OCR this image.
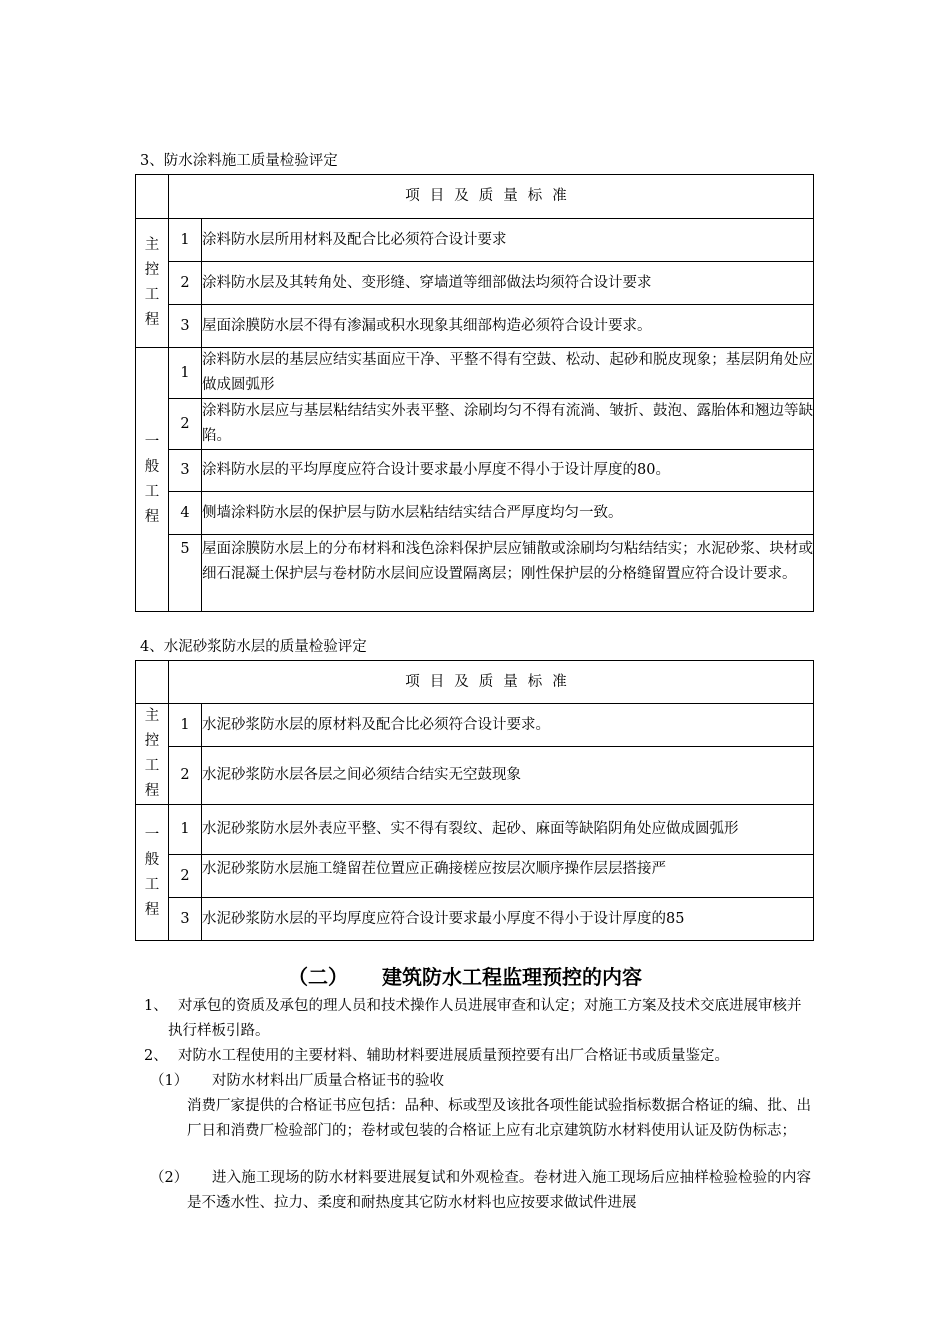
3、防水涂料施工质量检验评定
	项目及质量标准	
主
控
工
程	1	涂料防水层所用材料及配合比必须符合设计要求
	2	涂料防水层及其转角处、变形缝、穿墙道等细部做法均须符合设计要求
	3	屋面涂膜防水层不得有渗漏或积水现象其细部构造必须符合设计要求。
一
般
工
程	1	涂料防水层的基层应结实基面应干净、平整不得有空鼓、松动、起砂和脱皮现象；基层阴角处应做成圆弧形
	2	涂料防水层应与基层粘结结实外表平整、涂刷均匀不得有流淌、皱折、鼓泡、露胎体和翘边等缺陷。
	3	涂料防水层的平均厚度应符合设计要求最小厚度不得小于设计厚度的80。
	4	侧墙涂料防水层的保护层与防水层粘结结实结合严厚度均匀一致。
	5	屋面涂膜防水层上的分布材料和浅色涂料保护层应铺散或涂刷均匀粘结结实；水泥砂浆、块材或细石混凝土保护层与卷材防水层间应设置隔离层；刚性保护层的分格缝留置应符合设计要求。
4、水泥砂浆防水层的质量检验评定
	项目及质量标准	
主
控
工
程	1	水泥砂浆防水层的原材料及配合比必须符合设计要求。
	2	水泥砂浆防水层各层之间必须结合结实无空鼓现象
一
般
工
程	1	水泥砂浆防水层外表应平整、实不得有裂纹、起砂、麻面等缺陷阴角处应做成圆弧形
	2	水泥砂浆防水层施工缝留茬位置应正确接槎应按层次顺序操作层层搭接严
	3	水泥砂浆防水层的平均厚度应符合设计要求最小厚度不得小于设计厚度的85
（二） 建筑防水工程监理预控的内容
1、 对承包的资质及承包的理人员和技术操作人员进展审查和认定；对施工方案及技术交底进展审核并执行样板引路。
2、 对防水工程使用的主要材料、辅助材料要进展质量预控要有出厂合格证书或质量鉴定。
（1） 对防水材料出厂质量合格证书的验收
消费厂家提供的合格证书应包括：品种、标或型及该批各项性能试验指标数据合格证的编、批、出厂日和消费厂检验部门的；卷材或包装的合格证上应有北京建筑防水材料使用认证及防伪标志；
（2）	进入施工现场的防水材料要进展复试和外观检查。卷材进入施工现场后应抽样检验检验的内容是不透水性、拉力、柔度和耐热度其它防水材料也应按要求做试件进展
